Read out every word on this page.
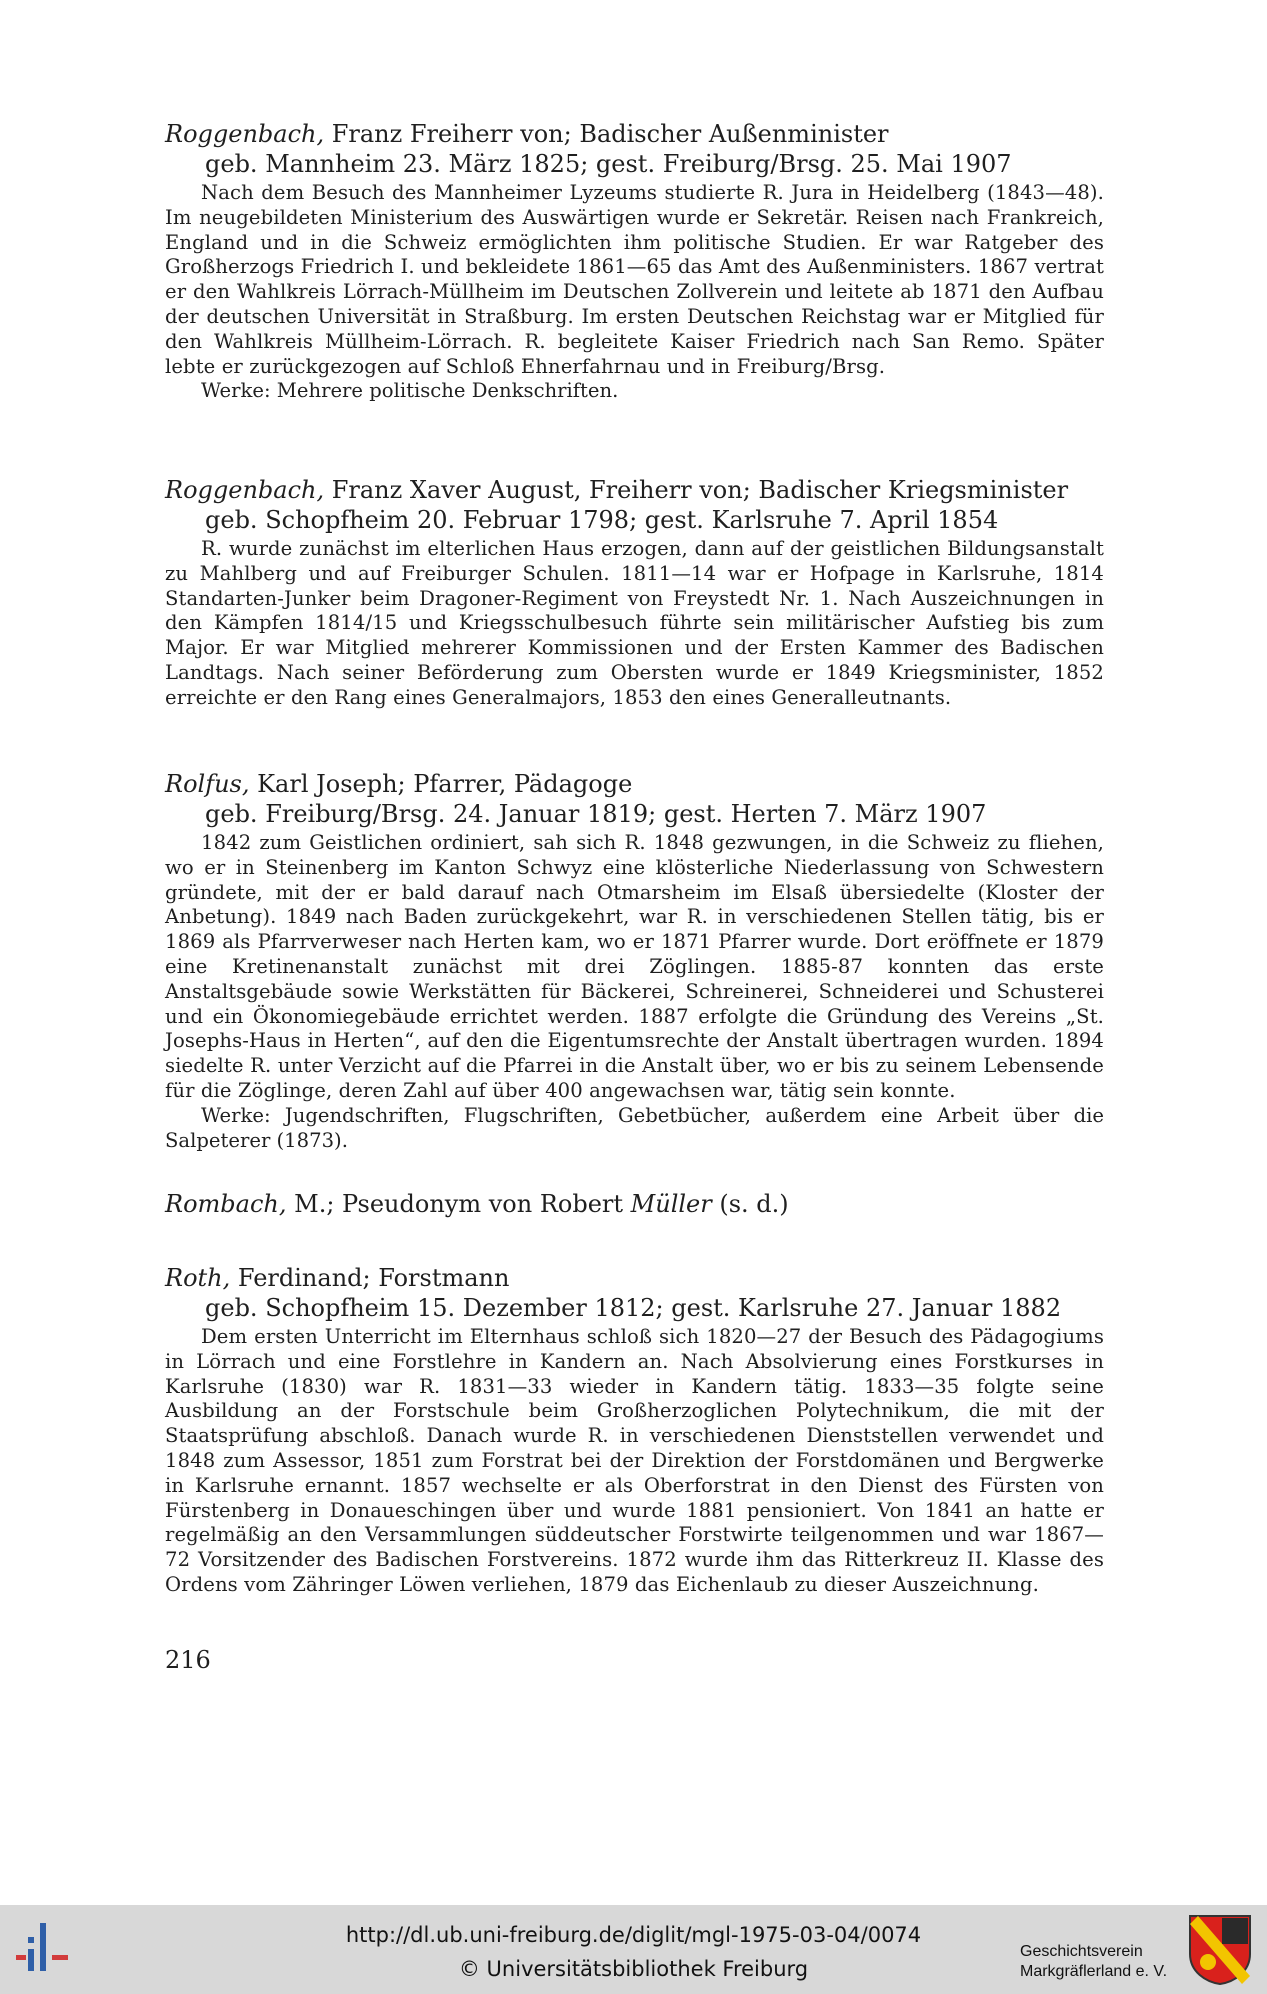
Roggenbach, Franz Freiherr von; Badischer Außenminister
geb. Mannheim 23. März 1825; gest. Freiburg/Brsg. 25. Mai 1907
Nach dem Besuch des Mannheimer Lyzeums studierte R. Jura in Heidelberg (1843—48). Im neugebildeten Ministerium des Auswärtigen wurde er Sekretär. Reisen nach Frankreich, England und in die Schweiz ermöglichten ihm politische Studien. Er war Ratgeber des Großherzogs Friedrich I. und bekleidete 1861—65 das Amt des Außenministers. 1867 vertrat er den Wahlkreis Lörrach-Müllheim im Deutschen Zollverein und leitete ab 1871 den Aufbau der deutschen Universität in Straßburg. Im ersten Deutschen Reichstag war er Mitglied für den Wahlkreis Müllheim-Lörrach. R. begleitete Kaiser Friedrich nach San Remo. Später lebte er zurückgezogen auf Schloß Ehnerfahrnau und in Freiburg/Brsg.
Werke: Mehrere politische Denkschriften.
Roggenbach, Franz Xaver August, Freiherr von; Badischer Kriegsminister
geb. Schopfheim 20. Februar 1798; gest. Karlsruhe 7. April 1854
R. wurde zunächst im elterlichen Haus erzogen, dann auf der geistlichen Bildungsanstalt zu Mahlberg und auf Freiburger Schulen. 1811—14 war er Hofpage in Karlsruhe, 1814 Standarten-Junker beim Dragoner-Regiment von Freystedt Nr. 1. Nach Auszeichnungen in den Kämpfen 1814/15 und Kriegsschulbesuch führte sein militärischer Aufstieg bis zum Major. Er war Mitglied mehrerer Kommissionen und der Ersten Kammer des Badischen Landtags. Nach seiner Beförderung zum Obersten wurde er 1849 Kriegsminister, 1852 erreichte er den Rang eines Generalmajors, 1853 den eines Generalleutnants.
Rolfus, Karl Joseph; Pfarrer, Pädagoge
geb. Freiburg/Brsg. 24. Januar 1819; gest. Herten 7. März 1907
1842 zum Geistlichen ordiniert, sah sich R. 1848 gezwungen, in die Schweiz zu fliehen, wo er in Steinenberg im Kanton Schwyz eine klösterliche Niederlassung von Schwestern gründete, mit der er bald darauf nach Otmarsheim im Elsaß übersiedelte (Kloster der Anbetung). 1849 nach Baden zurückgekehrt, war R. in verschiedenen Stellen tätig, bis er 1869 als Pfarrverweser nach Herten kam, wo er 1871 Pfarrer wurde. Dort eröffnete er 1879 eine Kretinenanstalt zunächst mit drei Zöglingen. 1885-87 konnten das erste Anstaltsgebäude sowie Werkstätten für Bäckerei, Schreinerei, Schneiderei und Schusterei und ein Ökonomiegebäude errichtet werden. 1887 erfolgte die Gründung des Vereins „St. Josephs-Haus in Herten“, auf den die Eigentumsrechte der Anstalt übertragen wurden. 1894 siedelte R. unter Verzicht auf die Pfarrei in die Anstalt über, wo er bis zu seinem Lebensende für die Zöglinge, deren Zahl auf über 400 angewachsen war, tätig sein konnte.
Werke: Jugendschriften, Flugschriften, Gebetbücher, außerdem eine Arbeit über die Salpeterer (1873).
Rombach, M.; Pseudonym von Robert Müller (s. d.)
Roth, Ferdinand; Forstmann
geb. Schopfheim 15. Dezember 1812; gest. Karlsruhe 27. Januar 1882
Dem ersten Unterricht im Elternhaus schloß sich 1820—27 der Besuch des Pädagogiums in Lörrach und eine Forstlehre in Kandern an. Nach Absolvierung eines Forstkurses in Karlsruhe (1830) war R. 1831—33 wieder in Kandern tätig. 1833—35 folgte seine Ausbildung an der Forstschule beim Großherzoglichen Polytechnikum, die mit der Staatsprüfung abschloß. Danach wurde R. in verschiedenen Dienststellen verwendet und 1848 zum Assessor, 1851 zum Forstrat bei der Direktion der Forstdomänen und Bergwerke in Karlsruhe ernannt. 1857 wechselte er als Oberforstrat in den Dienst des Fürsten von Fürstenberg in Donaueschingen über und wurde 1881 pensioniert. Von 1841 an hatte er regelmäßig an den Versammlungen süddeutscher Forstwirte teilgenommen und war 1867—72 Vorsitzender des Badischen Forstvereins. 1872 wurde ihm das Ritterkreuz II. Klasse des Ordens vom Zähringer Löwen verliehen, 1879 das Eichenlaub zu dieser Auszeichnung.
216
http://dl.ub.uni-freiburg.de/diglit/mgl-1975-03-04/0074
© Universitätsbibliothek Freiburg
Geschichtsverein
Markgräflerland e. V.
